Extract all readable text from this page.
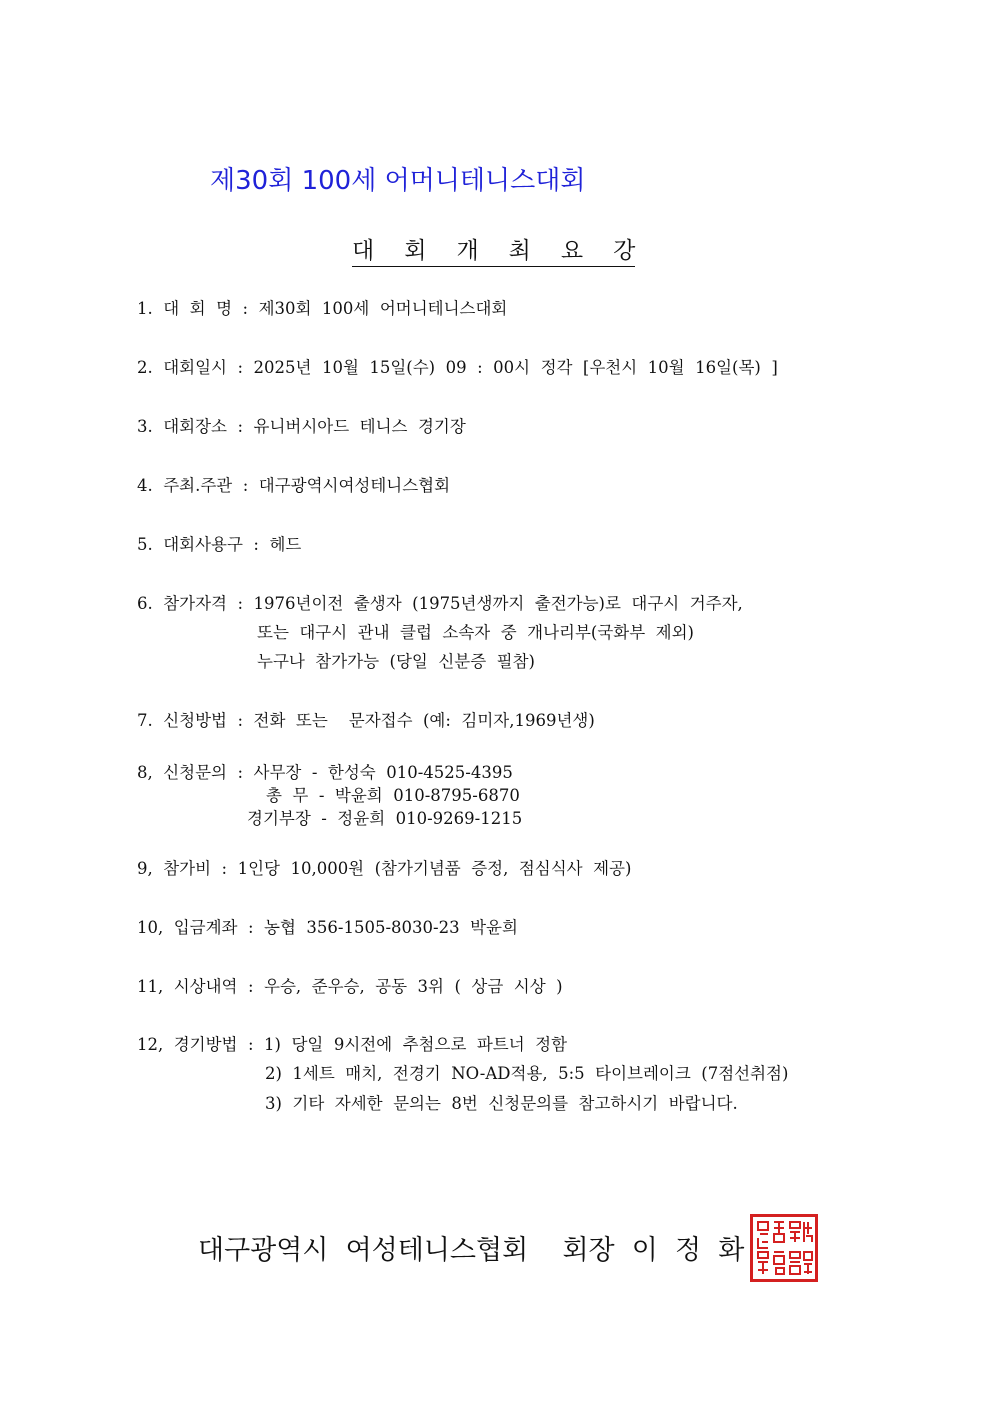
제30회 100세 어머니테니스대회
대 회 개 최 요 강
1.  대  회  명  :  제30회  100세  어머니테니스대회
2.  대회일시  :  2025년  10월  15일(수)  09  :  00시  정각  [우천시  10월  16일(목)  ]
3.  대회장소  :  유니버시아드  테니스  경기장
4.  주최.주관  :  대구광역시여성테니스협회
5.  대회사용구  :  헤드
6.  참가자격  :  1976년이전  출생자  (1975년생까지  출전가능)로  대구시  거주자,
또는  대구시  관내  클럽  소속자  중  개나리부(국화부  제외)
누구나  참가가능  (당일  신분증  필참)
7.  신청방법  :  전화  또는    문자접수  (예:  김미자,1969년생)
8,  신청문의  :  사무장  -  한성숙  010-4525-4395
총  무  -  박윤희  010-8795-6870
경기부장  -  정윤희  010-9269-1215
9,  참가비  :  1인당  10,000원  (참가기념품  증정,  점심식사  제공)
10,  입금계좌  :  농협  356-1505-8030-23  박윤희
11,  시상내역  :  우승,  준우승,  공동  3위  (  상금  시상  )
12,  경기방법  :  1)  당일  9시전에  추첨으로  파트너  정함
2)  1세트  매치,  전경기  NO-AD적용,  5:5  타이브레이크  (7점선취점)
3)  기타  자세한  문의는  8번  신청문의를  참고하시기  바랍니다.
대구광역시  여성테니스협회    회장  이  정  화
